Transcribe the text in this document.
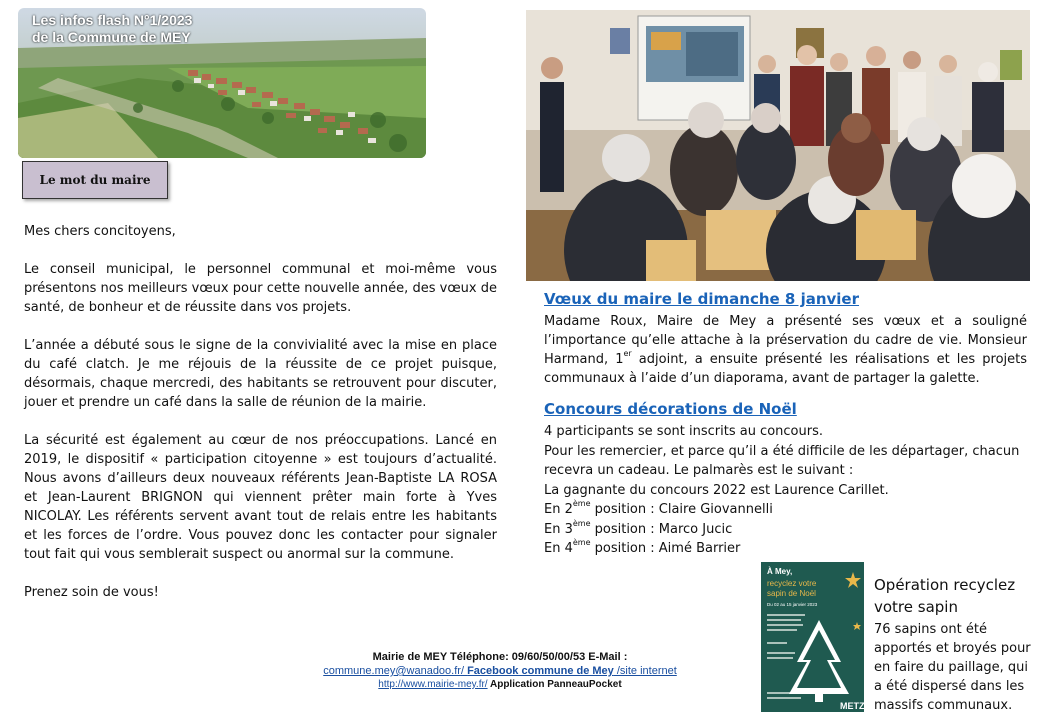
Les infos flash N°1/2023
de la Commune de MEY
Le mot du maire

Mes chers concitoyens,

Le conseil municipal, le personnel communal et moi-même vous présentons nos meilleurs vœux pour cette nouvelle année, des vœux de santé, de bonheur et de réussite dans vos projets.

L’année a débuté sous le signe de la convivialité avec la mise en place du café clatch. Je me réjouis de la réussite de ce projet puisque, désormais, chaque mercredi, des habitants se retrouvent pour discuter, jouer et prendre un café dans la salle de réunion de la mairie.

La sécurité est également au cœur de nos préoccupations. Lancé en 2019, le dispositif « participation citoyenne » est toujours d’actualité. Nous avons d’ailleurs deux nouveaux référents Jean-Baptiste LA ROSA et Jean-Laurent BRIGNON qui viennent prêter main forte à Yves NICOLAY. Les référents servent avant tout de relais entre les habitants et les forces de l’ordre. Vous pouvez donc les contacter pour signaler tout fait qui vous semblerait suspect ou anormal sur la commune.

Prenez soin de vous!

Vœux du maire le dimanche 8 janvier
Madame Roux, Maire de Mey a présenté ses vœux et a souligné l’importance qu’elle attache à la préservation du cadre de vie. Monsieur Harmand, 1er adjoint, a ensuite présenté les réalisations et les projets communaux à l’aide d’un diaporama, avant de partager la galette.
Concours décorations de Noël
4 participants se sont inscrits au concours.
Pour les remercier, et parce qu’il a été difficile de les départager, chacun recevra un cadeau. Le palmarès est le suivant :
La gagnante du concours 2022 est Laurence Carillet.
En 2ème position : Claire Giovannelli
En 3ème position : Marco Jucic
En 4ème position : Aimé Barrier
À Mey,
recyclez votre
sapin de Noël
Du 02 au 15 janvier 2023
METZ
Opération recyclez votre sapin
76 sapins ont été apportés et broyés pour en faire du paillage, qui a été dispersé dans les massifs communaux.
Mairie de MEY Téléphone: 09/60/50/00/53 E-Mail :
commune.mey@wanadoo.fr/ Facebook commune de Mey /site internet
http://www.mairie-mey.fr/ Application PanneauPocket
